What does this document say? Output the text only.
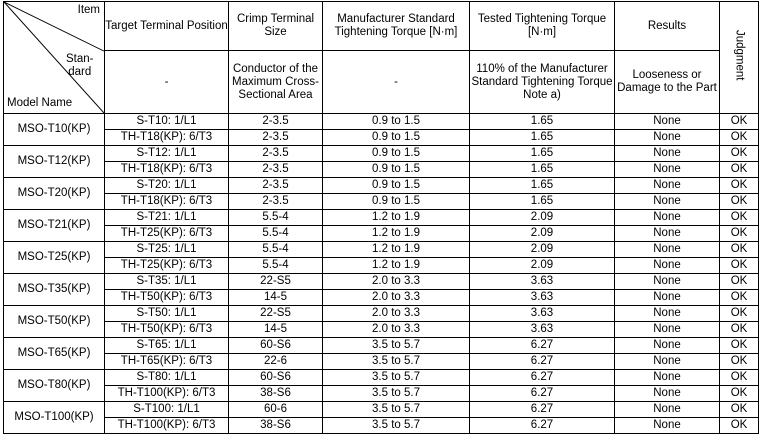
Item
Stan-
dard
Model Name	Target Terminal Position	Crimp Terminal Size	Manufacturer Standard Tightening Torque [N·m]	Tested Tightening Torque [N·m]	Results	Judgment
	-	Conductor of the Maximum Cross-Sectional Area	-	110% of the Manufacturer Standard Tightening Torque Note a)	Looseness or Damage to the Part	
MSO-T10(KP)	S-T10: 1/L1	2-3.5	0.9 to 1.5	1.65	None	OK
	TH-T18(KP): 6/T3	2-3.5	0.9 to 1.5	1.65	None	OK
MSO-T12(KP)	S-T12: 1/L1	2-3.5	0.9 to 1.5	1.65	None	OK
	TH-T18(KP): 6/T3	2-3.5	0.9 to 1.5	1.65	None	OK
MSO-T20(KP)	S-T20: 1/L1	2-3.5	0.9 to 1.5	1.65	None	OK
	TH-T18(KP): 6/T3	2-3.5	0.9 to 1.5	1.65	None	OK
MSO-T21(KP)	S-T21: 1/L1	5.5-4	1.2 to 1.9	2.09	None	OK
	TH-T25(KP): 6/T3	5.5-4	1.2 to 1.9	2.09	None	OK
MSO-T25(KP)	S-T25: 1/L1	5.5-4	1.2 to 1.9	2.09	None	OK
	TH-T25(KP): 6/T3	5.5-4	1.2 to 1.9	2.09	None	OK
MSO-T35(KP)	S-T35: 1/L1	22-S5	2.0 to 3.3	3.63	None	OK
	TH-T50(KP): 6/T3	14-5	2.0 to 3.3	3.63	None	OK
MSO-T50(KP)	S-T50: 1/L1	22-S5	2.0 to 3.3	3.63	None	OK
	TH-T50(KP): 6/T3	14-5	2.0 to 3.3	3.63	None	OK
MSO-T65(KP)	S-T65: 1/L1	60-S6	3.5 to 5.7	6.27	None	OK
	TH-T65(KP): 6/T3	22-6	3.5 to 5.7	6.27	None	OK
MSO-T80(KP)	S-T80: 1/L1	60-S6	3.5 to 5.7	6.27	None	OK
	TH-T100(KP): 6/T3	38-S6	3.5 to 5.7	6.27	None	OK
MSO-T100(KP)	S-T100: 1/L1	60-6	3.5 to 5.7	6.27	None	OK
	TH-T100(KP): 6/T3	38-S6	3.5 to 5.7	6.27	None	OK
